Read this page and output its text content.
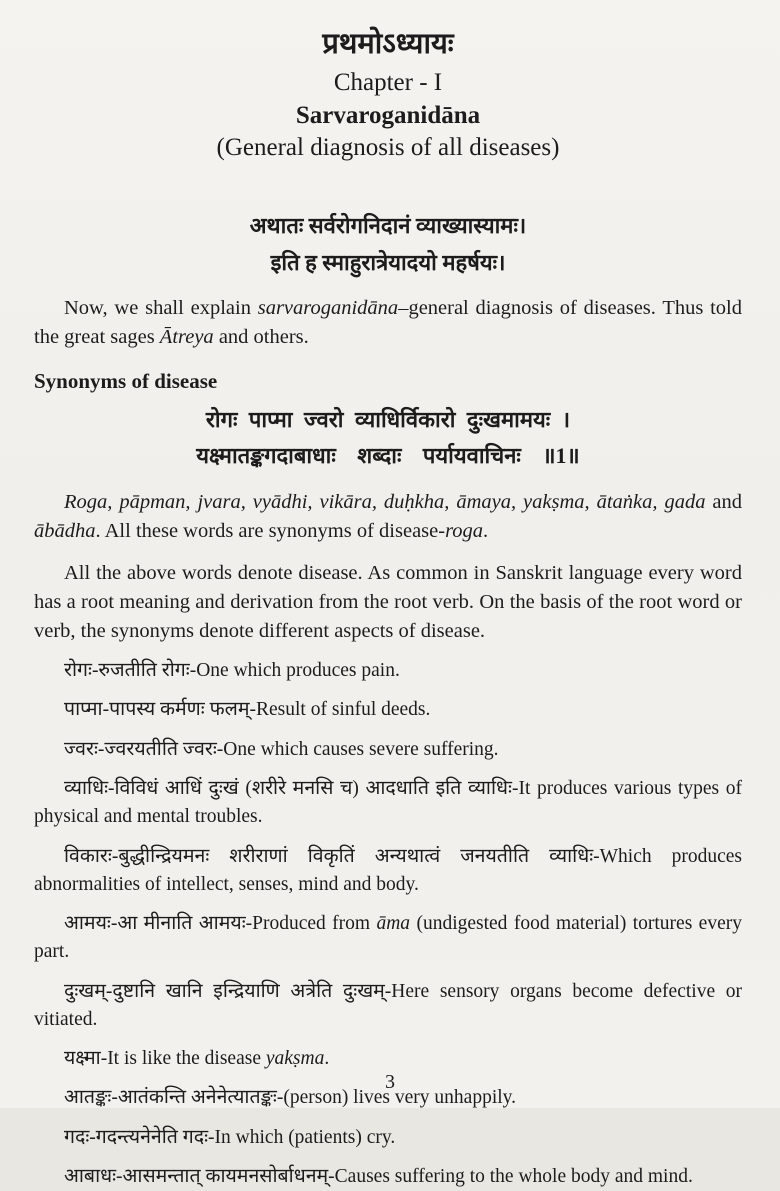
प्रथमोऽध्यायः
Chapter - I
Sarvaroganidāna
(General diagnosis of all diseases)
अथातः सर्वरोगनिदानं व्याख्यास्यामः।
इति ह स्माहुरात्रेयादयो महर्षयः।

Now, we shall explain sarvaroganidāna–general diagnosis of diseases. Thus told the great sages Ātreya and others.

Synonyms of disease
रोगः पाप्मा ज्वरो व्याधिर्विकारो दुःखमामयः ।
यक्ष्मातङ्कगदाबाधाः शब्दाः पर्यायवाचिनः ॥1॥

Roga, pāpman, jvara, vyādhi, vikāra, duḥkha, āmaya, yakṣma, ātaṅka, gada and ābādha. All these words are synonyms of disease-roga.

All the above words denote disease. As common in Sanskrit language every word has a root meaning and derivation from the root verb. On the basis of the root word or verb, the synonyms denote different aspects of disease.

रोगः-रुजतीति रोगः-One which produces pain.

पाप्मा-पापस्य कर्मणः फलम्-Result of sinful deeds.

ज्वरः-ज्वरयतीति ज्वरः-One which causes severe suffering.

व्याधिः-विविधं आधिं दुःखं (शरीरे मनसि च) आदधाति इति व्याधिः-It produces various types of physical and mental troubles.

विकारः-बुद्धीन्द्रियमनः शरीराणां विकृतिं अन्यथात्वं जनयतीति व्याधिः-Which produces abnormalities of intellect, senses, mind and body.

आमयः-आ मीनाति आमयः-Produced from āma (undigested food material) tortures every part.

दुःखम्-दुष्टानि खानि इन्द्रियाणि अत्रेति दुःखम्-Here sensory organs become defective or vitiated.

यक्ष्मा-It is like the disease yakṣma.

आतङ्कः-आतंकन्ति अनेनेत्यातङ्कः-(person) lives very unhappily.

गदः-गदन्त्यनेनेति गदः-In which (patients) cry.

आबाधः-आसमन्तात् कायमनसोर्बाधनम्-Causes suffering to the whole body and mind.

3
